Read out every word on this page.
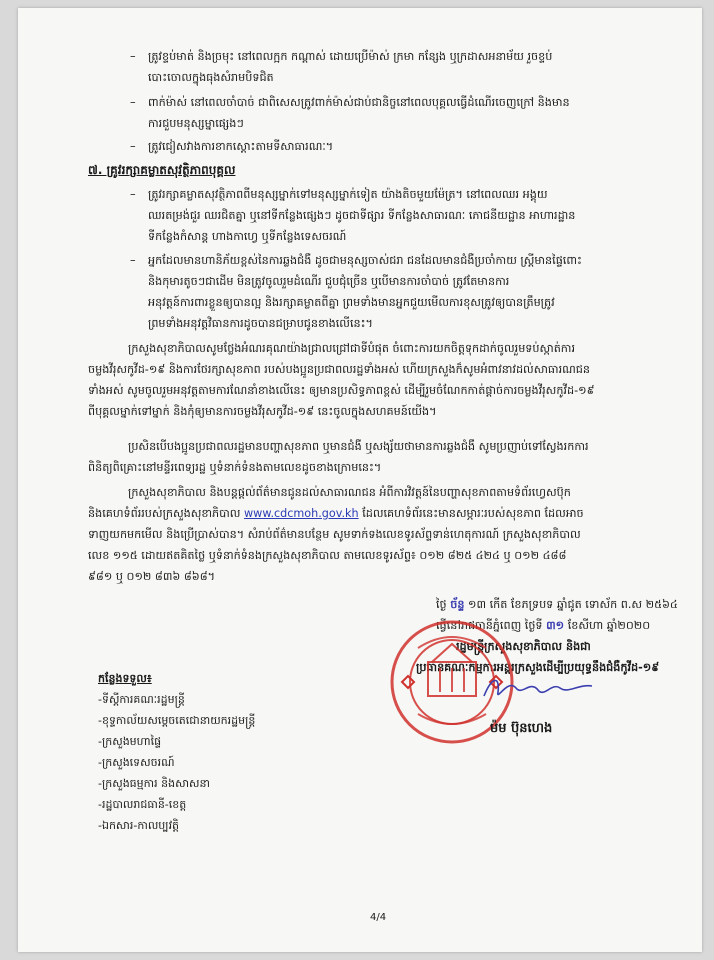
– ត្រូវខ្ទប់មាត់ និងច្រមុះ នៅពេលក្អក កណ្តាស់ ដោយប្រើម៉ាស់ ក្រមា កន្សែង ឬក្រដាសអនាម័យ រួចខ្ទប់
បោះចោលក្នុងធុងសំរាមបិទជិត
– ពាក់ម៉ាស់ នៅពេលចាំបាច់ ជាពិសេសត្រូវពាក់ម៉ាស់ជាប់ជានិច្ចនៅពេលបុគ្គលធ្វើដំណើរចេញក្រៅ និងមាន
ការជួបមនុស្សម្នាផ្សេងៗ
– ត្រូវជៀសវាងការខាកស្តោះតាមទីសាធារណៈ។
៧. គ្រូវរក្សាគម្លាតសុវត្ថិភាពបុគ្គល
– ត្រូវរក្សាគម្លាតសុវត្ថិភាពពីមនុស្សម្នាក់ទៅមនុស្សម្នាក់ទៀត យ៉ាងតិចមួយម៉ែត្រ។ នៅពេលឈរ អង្គុយ
ឈរតម្រង់ជួរ ឈរជិតគ្នា ឬនៅទីកន្លែងផ្សេងៗ ដូចជាទីផ្សារ ទីកន្លែងសាធារណៈ ភោជនីយដ្ឋាន អាហារដ្ឋាន
ទីកន្លែងកំសាន្ត ហាងកាហ្វេ ឬទីកន្លែងទេសចរណ៍
– អ្នកដែលមានហានិភ័យខ្ពស់នៃការឆ្លងជំងឺ ដូចជាមនុស្សចាស់ជរា ជនដែលមានជំងឺប្រចាំកាយ ស្ត្រីមានផ្ទៃពោះ
និងកុមារតូចៗជាដើម មិនត្រូវចូលរួមដំណើរ ជួបជុំច្រើន ឬបើមានការចាំបាច់ ត្រូវតែមានការ
អនុវត្តន៍ការពារខ្លួនឲ្យបានល្អ និងរក្សាគម្លាតពីគ្នា ព្រមទាំងមានអ្នកជួយមើលការខុសត្រូវឲ្យបានត្រឹមត្រូវ
ព្រមទាំងអនុវត្តវិធានការដូចបានជម្រាបជូនខាងលើនេះ។
ក្រសួងសុខាភិបាលសូមថ្លែងអំណរគុណយ៉ាងជ្រាលជ្រៅជាទីបំផុត ចំពោះការយកចិត្តទុកដាក់ចូលរួមទប់ស្កាត់ការ
ចម្លងវីរុសកូវីដ-១៩ និងការថែរក្សាសុខភាព របស់បងប្អូនប្រជាពលរដ្ឋទាំងអស់ ហើយក្រសួងក៏សូមអំពាវនាវដល់សាធារណជន
ទាំងអស់ សូមចូលរួមអនុវត្តតាមការណែនាំខាងលើនេះ ឲ្យមានប្រសិទ្ធភាពខ្ពស់ ដើម្បីរួមចំណែកកាត់ផ្តាច់ការចម្លងវីរុសកូវីដ-១៩
ពីបុគ្គលម្នាក់ទៅម្នាក់ និងកុំឲ្យមានការចម្លងវីរុសកូវីដ-១៩ នេះចូលក្នុងសហគមន៍យើង។
ប្រសិនបើបងប្អូនប្រជាពលរដ្ឋមានបញ្ហាសុខភាព ឬមានជំងឺ ឬសង្ស័យថាមានការឆ្លងជំងឺ សូមប្រញាប់ទៅស្វែងរកការ
ពិនិត្យពិគ្រោះនៅមន្ទីរពេទ្យរដ្ឋ ឬទំនាក់ទំនងតាមលេខដូចខាងក្រោមនេះ។
ក្រសួងសុខាភិបាល និងបន្តផ្តល់ព័ត៌មានជូនដល់សាធារណជន អំពីការវិវត្តន៍នៃបញ្ហាសុខភាពតាមទំព័រហ្វេសប៊ុក
និងគេហទំព័ររបស់ក្រសួងសុខាភិបាល www.cdcmoh.gov.kh ដែលគេហទំព័រនេះមានសម្ភារៈរបស់សុខភាព ដែលអាច
ទាញយកមកមើល និងប្រើប្រាស់បាន។ សំរាប់ព័ត៌មានបន្ថែម សូមទាក់ទងលេខទូរស័ព្ទទាន់ហេតុការណ៍ ក្រសួងសុខាភិបាល
លេខ ១១៥ ដោយឥតគិតថ្លៃ ឬទំនាក់ទំនងក្រសួងសុខាភិបាល តាមលេខទូរស័ព្ទ៖ ០១២ ៨២៥ ៤២៤ ឬ ០១២ ៤៨៨
៩៨១ ឬ ០១២ ៨៣៦ ៨៦៨។
ថ្ងៃ ច័ន្ទ ១៣ កើត ខែភទ្របទ ឆ្នាំជូត ទោស័ក ព.ស ២៥៦៤
ធ្វើនៅរាជធានីភ្នំពេញ ថ្ងៃទី ៣១ ខែសីហា ឆ្នាំ២០២០
រដ្ឋមន្ត្រីក្រសួងសុខាភិបាល និងជា
ប្រធានគណៈកម្មការអន្តរក្រសួងដើម្បីប្រយុទ្ធនឹងជំងឺកូវីដ-១៩
ម៉ម ប៊ុនហេង
កន្លែងទទួល៖
-ទីស្តីការគណៈរដ្ឋមន្ត្រី
-ខុទ្ទកាល័យសម្តេចតេជោនាយករដ្ឋមន្ត្រី
-ក្រសួងមហាផ្ទៃ
-ក្រសួងទេសចរណ៍
-ក្រសួងធម្មការ និងសាសនា
-រដ្ឋបាលរាជធានី-ខេត្ត
-ឯកសារ-កាលប្បវត្តិ
4/4
